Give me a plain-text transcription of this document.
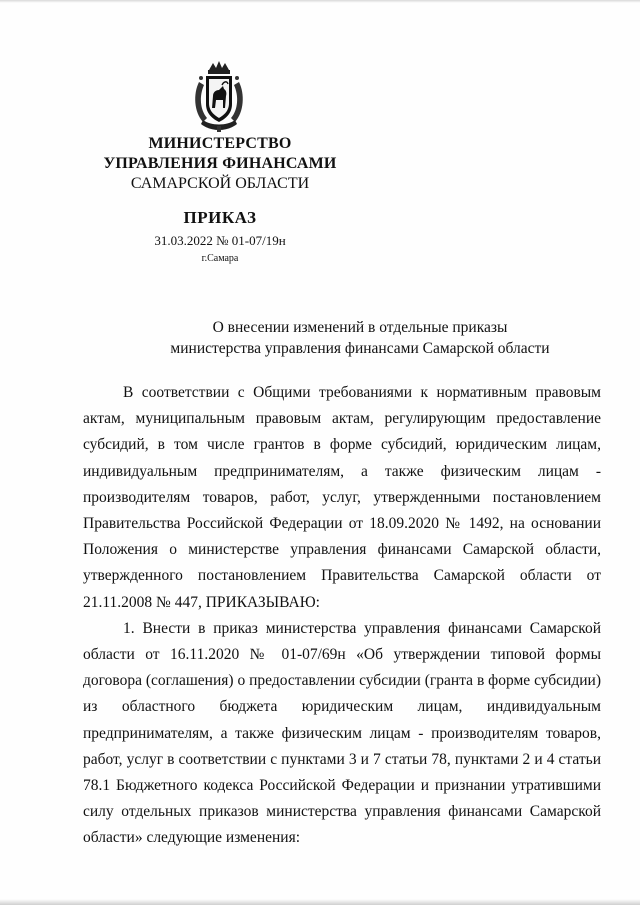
МИНИСТЕРСТВО
УПРАВЛЕНИЯ ФИНАНСАМИ
САМАРСКОЙ ОБЛАСТИ
ПРИКАЗ
31.03.2022 № 01-07/19н
г.Самара
О внесении изменений в отдельные приказы
министерства управления финансами Самарской области

В соответствии с Общими требованиями к нормативным правовым актам, муниципальным правовым актам, регулирующим предоставление субсидий, в том числе грантов в форме субсидий, юридическим лицам, индивидуальным предпринимателям, а также физическим лицам - производителям товаров, работ, услуг, утвержденными постановлением Правительства Российской Федерации от 18.09.2020 № 1492, на основании Положения о министерстве управления финансами Самарской области, утвержденного постановлением Правительства Самарской области от 21.11.2008 № 447, ПРИКАЗЫВАЮ:

1. Внести в приказ министерства управления финансами Самарской области от 16.11.2020 № 01-07/69н «Об утверждении типовой формы договора (соглашения) о предоставлении субсидии (гранта в форме субсидии) из областного бюджета юридическим лицам, индивидуальным предпринимателям, а также физическим лицам - производителям товаров, работ, услуг в соответствии с пунктами 3 и 7 статьи 78, пунктами 2 и 4 статьи 78.1 Бюджетного кодекса Российской Федерации и признании утратившими силу отдельных приказов министерства управления финансами Самарской области» следующие изменения:
